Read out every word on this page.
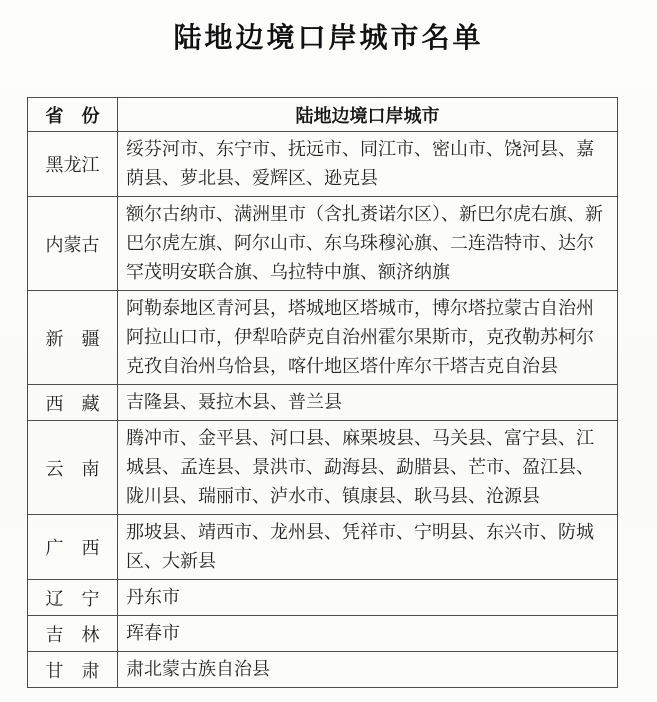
陆地边境口岸城市名单
省　份	陆地边境口岸城市
黑龙江	绥芬河市、东宁市、抚远市、同江市、密山市、饶河县、嘉荫县、萝北县、爱辉区、逊克县
内蒙古	额尔古纳市、满洲里市（含扎赉诺尔区）、新巴尔虎右旗、新巴尔虎左旗、阿尔山市、东乌珠穆沁旗、二连浩特市、达尔罕茂明安联合旗、乌拉特中旗、额济纳旗
新　疆	阿勒泰地区青河县，塔城地区塔城市，博尔塔拉蒙古自治州阿拉山口市，伊犁哈萨克自治州霍尔果斯市，克孜勒苏柯尔克孜自治州乌恰县，喀什地区塔什库尔干塔吉克自治县
西　藏	吉隆县、聂拉木县、普兰县
云　南	腾冲市、金平县、河口县、麻栗坡县、马关县、富宁县、江城县、孟连县、景洪市、勐海县、勐腊县、芒市、盈江县、陇川县、瑞丽市、泸水市、镇康县、耿马县、沧源县
广　西	那坡县、靖西市、龙州县、凭祥市、宁明县、东兴市、防城区、大新县
辽　宁	丹东市
吉　林	珲春市
甘　肃	肃北蒙古族自治县
